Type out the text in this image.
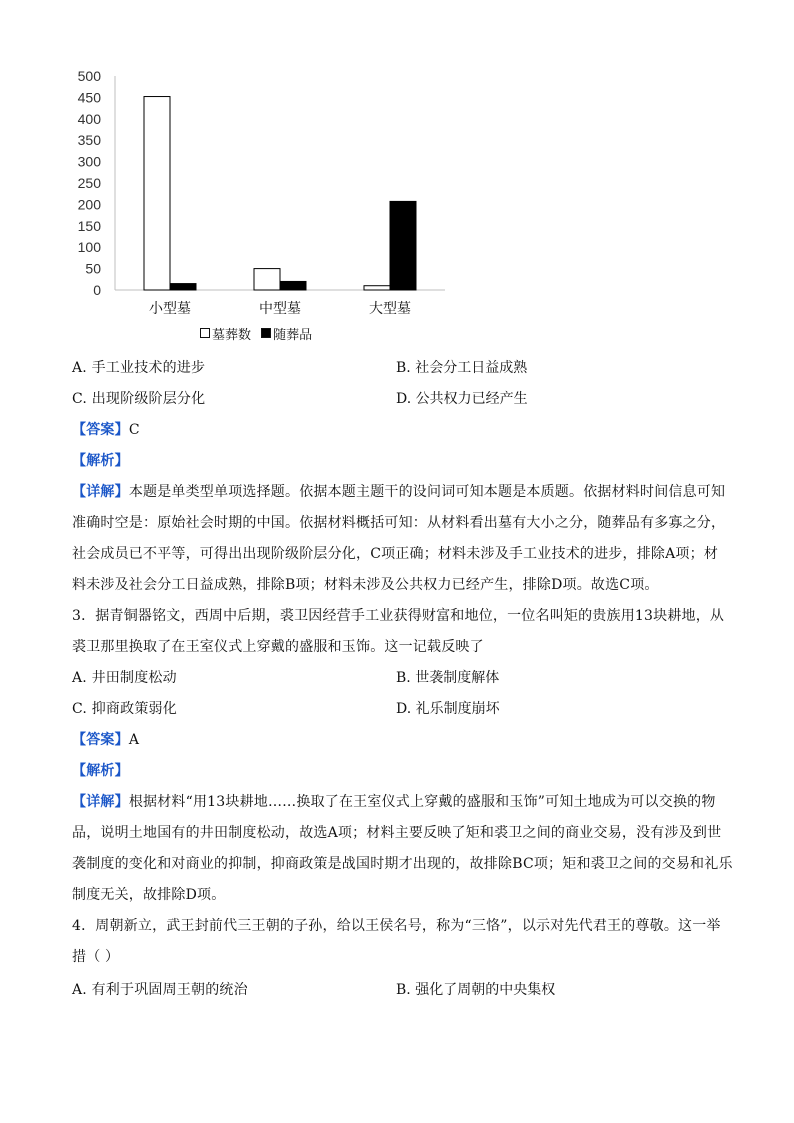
0
50
100
150
200
250
300
350
400
450
500
小型墓	中型墓	大型墓
墓葬数 随葬品
A. 手工业技术的进步	B. 社会分工日益成熟
C. 出现阶级阶层分化	D. 公共权力已经产生
【答案】C
【解析】
【详解】本题是单类型单项选择题。依据本题主题干的设问词可知本题是本质题。依据材料时间信息可知
准确时空是：原始社会时期的中国。依据材料概括可知：从材料看出墓有大小之分，随葬品有多寡之分，
社会成员已不平等，可得出出现阶级阶层分化，C项正确；材料未涉及手工业技术的进步，排除A项；材
料未涉及社会分工日益成熟，排除B项；材料未涉及公共权力已经产生，排除D项。故选C项。
3．据青铜器铭文，西周中后期，裘卫因经营手工业获得财富和地位，一位名叫矩的贵族用13块耕地，从
裘卫那里换取了在王室仪式上穿戴的盛服和玉饰。这一记载反映了
A. 井田制度松动	B. 世袭制度解体
C. 抑商政策弱化	D. 礼乐制度崩坏
【答案】A
【解析】
【详解】根据材料“用13块耕地……换取了在王室仪式上穿戴的盛服和玉饰”可知土地成为可以交换的物
品，说明土地国有的井田制度松动，故选A项；材料主要反映了矩和裘卫之间的商业交易，没有涉及到世
袭制度的变化和对商业的抑制，抑商政策是战国时期才出现的，故排除BC项；矩和裘卫之间的交易和礼乐
制度无关，故排除D项。
4．周朝新立，武王封前代三王朝的子孙，给以王侯名号，称为“三恪”，以示对先代君王的尊敬。这一举
措（ ）
A. 有利于巩固周王朝的统治	B. 强化了周朝的中央集权
